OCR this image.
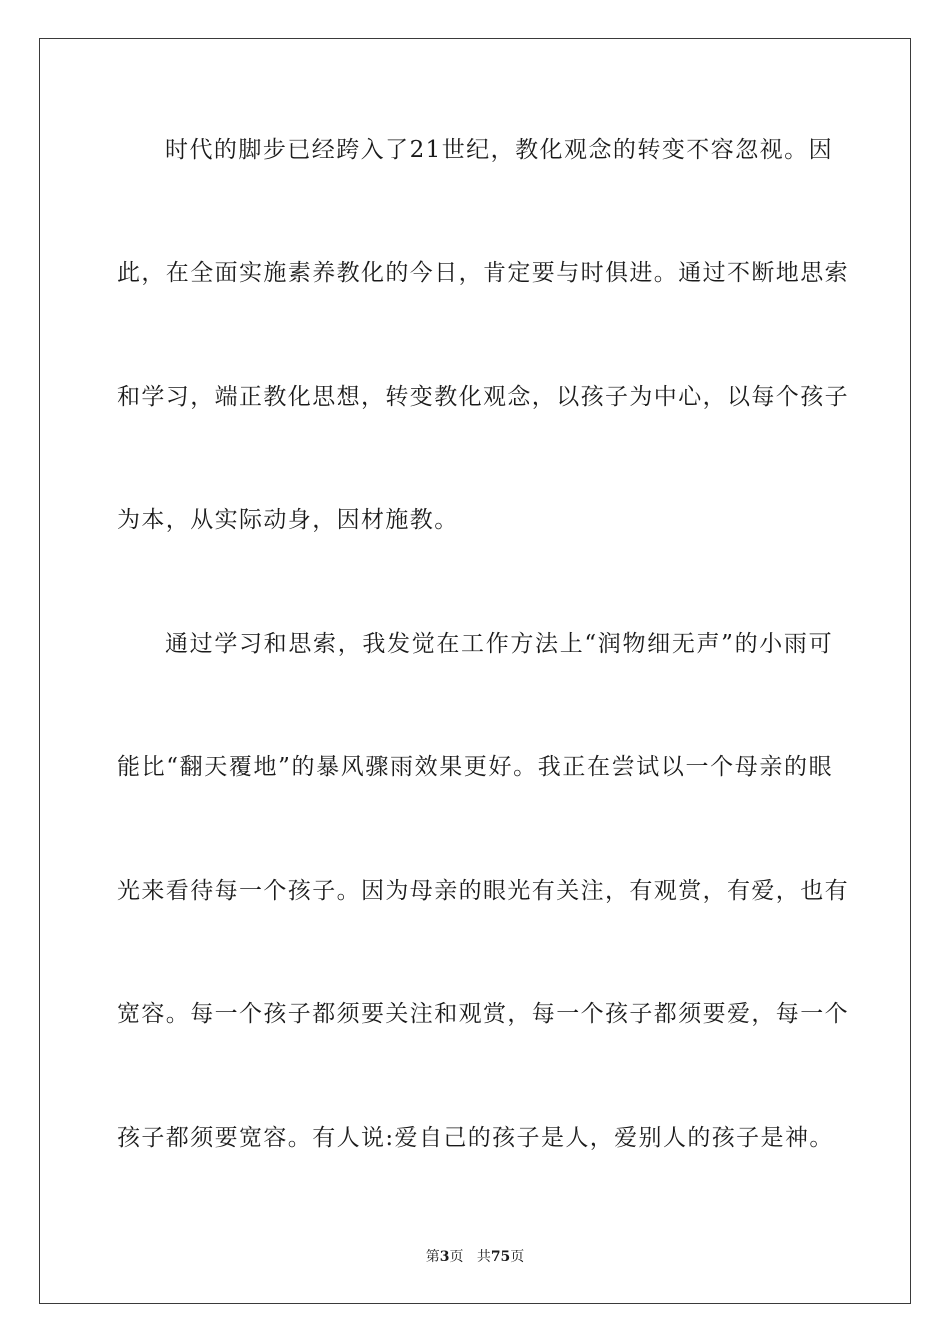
时代的脚步已经跨入了21世纪，教化观念的转变不容忽视。因
此，在全面实施素养教化的今日，肯定要与时俱进。通过不断地思索
和学习，端正教化思想，转变教化观念，以孩子为中心，以每个孩子
为本，从实际动身，因材施教。
通过学习和思索，我发觉在工作方法上“润物细无声”的小雨可
能比“翻天覆地”的暴风骤雨效果更好。我正在尝试以一个母亲的眼
光来看待每一个孩子。因为母亲的眼光有关注，有观赏，有爱，也有
宽容。每一个孩子都须要关注和观赏，每一个孩子都须要爱，每一个
孩子都须要宽容。有人说:爱自己的孩子是人，爱别人的孩子是神。
第3页 共75页
